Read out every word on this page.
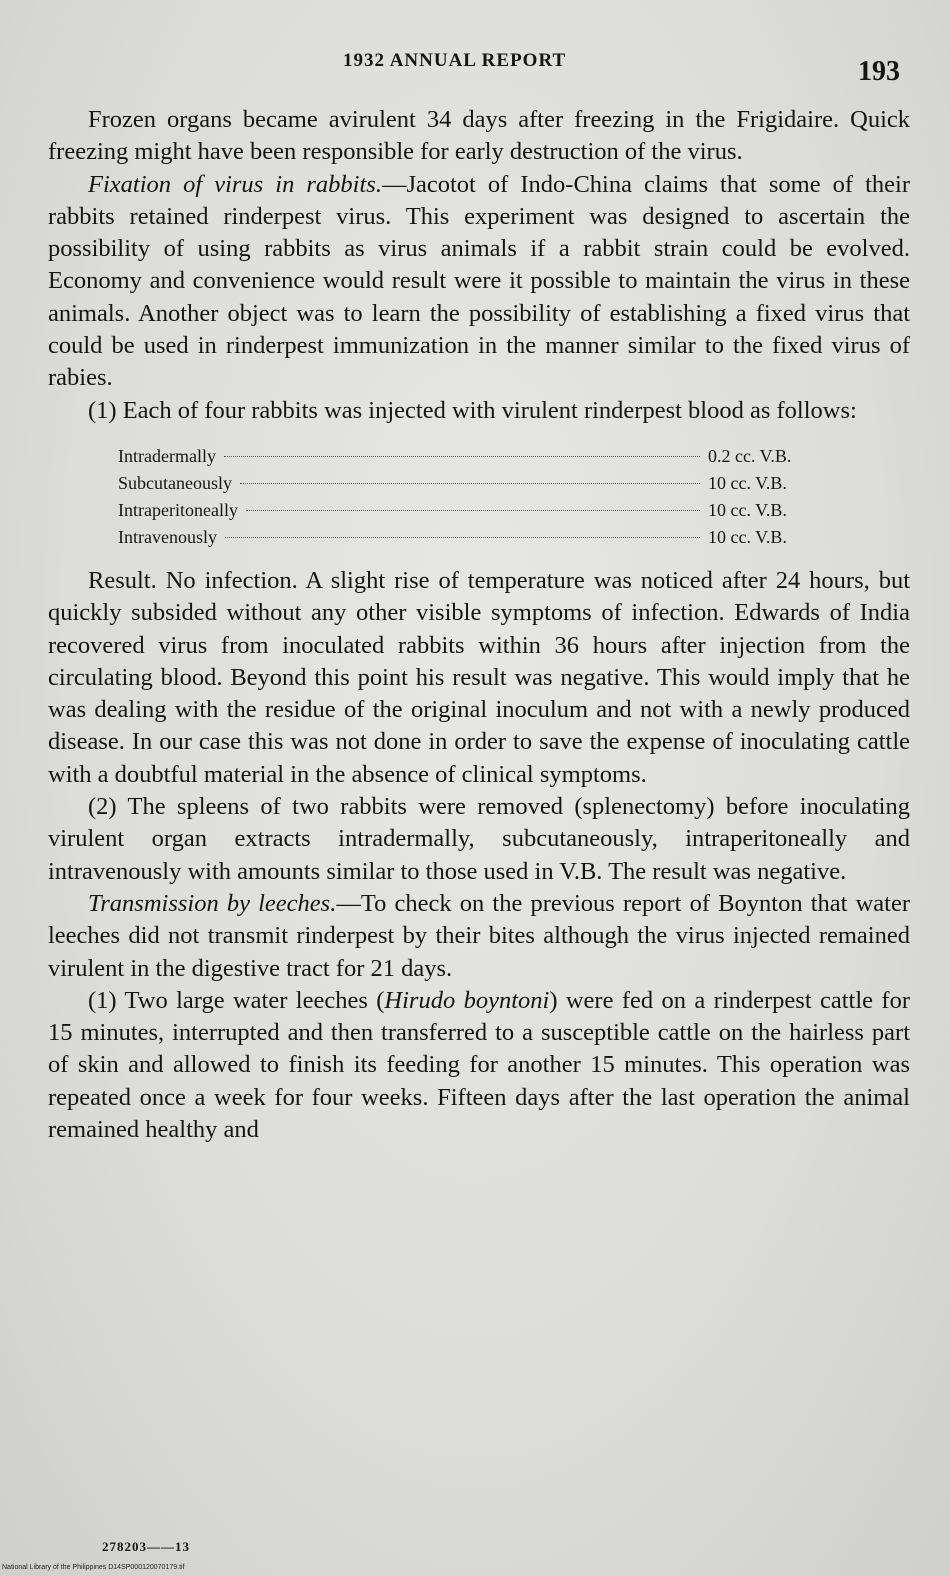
1932 ANNUAL REPORT	193

Frozen organs became avirulent 34 days after freezing in the Frigidaire. Quick freezing might have been responsible for early destruction of the virus.

Fixation of virus in rabbits.—Jacotot of Indo-China claims that some of their rabbits retained rinderpest virus. This experiment was designed to ascertain the possibility of using rabbits as virus animals if a rabbit strain could be evolved. Economy and convenience would result were it possible to maintain the virus in these animals. Another object was to learn the possibility of establishing a fixed virus that could be used in rinderpest immunization in the manner similar to the fixed virus of rabies.

(1) Each of four rabbits was injected with virulent rinderpest blood as follows:

Intradermally	0.2 cc. V.B.
Subcutaneously	10 cc. V.B.
Intraperitoneally	10 cc. V.B.
Intravenously	10 cc. V.B.

Result. No infection. A slight rise of temperature was noticed after 24 hours, but quickly subsided without any other visible symptoms of infection. Edwards of India recovered virus from inoculated rabbits within 36 hours after injection from the circulating blood. Beyond this point his result was negative. This would imply that he was dealing with the residue of the original inoculum and not with a newly produced disease. In our case this was not done in order to save the expense of inoculating cattle with a doubtful material in the absence of clinical symptoms.

(2) The spleens of two rabbits were removed (splenectomy) before inoculating virulent organ extracts intradermally, subcutaneously, intraperitoneally and intravenously with amounts similar to those used in V.B. The result was negative.

Transmission by leeches.—To check on the previous report of Boynton that water leeches did not transmit rinderpest by their bites although the virus injected remained virulent in the digestive tract for 21 days.

(1) Two large water leeches (Hirudo boyntoni) were fed on a rinderpest cattle for 15 minutes, interrupted and then transferred to a susceptible cattle on the hairless part of skin and allowed to finish its feeding for another 15 minutes. This operation was repeated once a week for four weeks. Fifteen days after the last operation the animal remained healthy and

278203——13
National Library of the Philippines D14SP000120070179.tif
